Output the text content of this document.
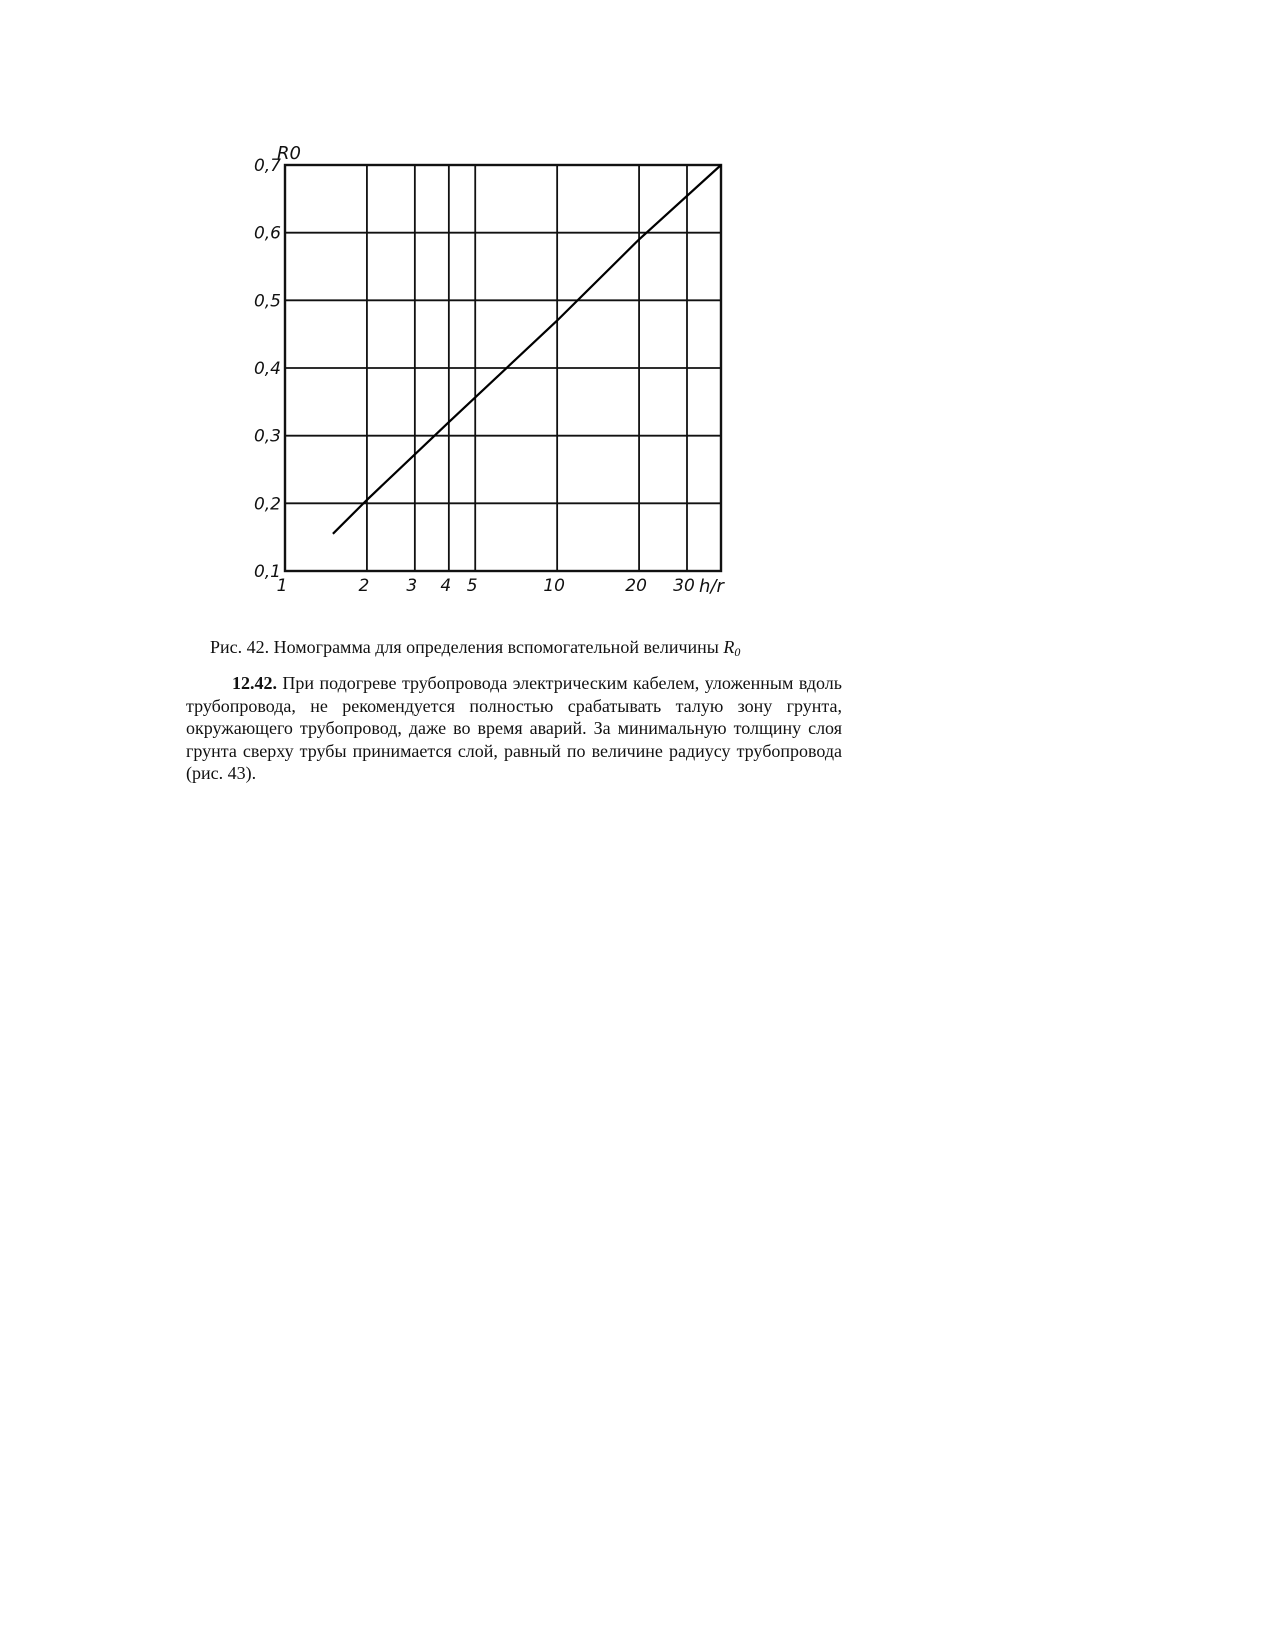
0,1
0,2
0,3
0,4
0,5
0,6
0,7
1	2 3 4 5	10	20 30
R0
h/r
Рис. 42. Номограмма для определения вспомогательной величины $R_0$

12.42. При подогреве трубопровода электрическим кабелем, уложенным вдоль трубопровода, не рекомендуется полностью срабатывать талую зону грунта, окружающего трубопровод, даже во время аварий. За минимальную толщину слоя грунта сверху трубы принимается слой, равный по величине радиусу трубопровода (рис. 43).
